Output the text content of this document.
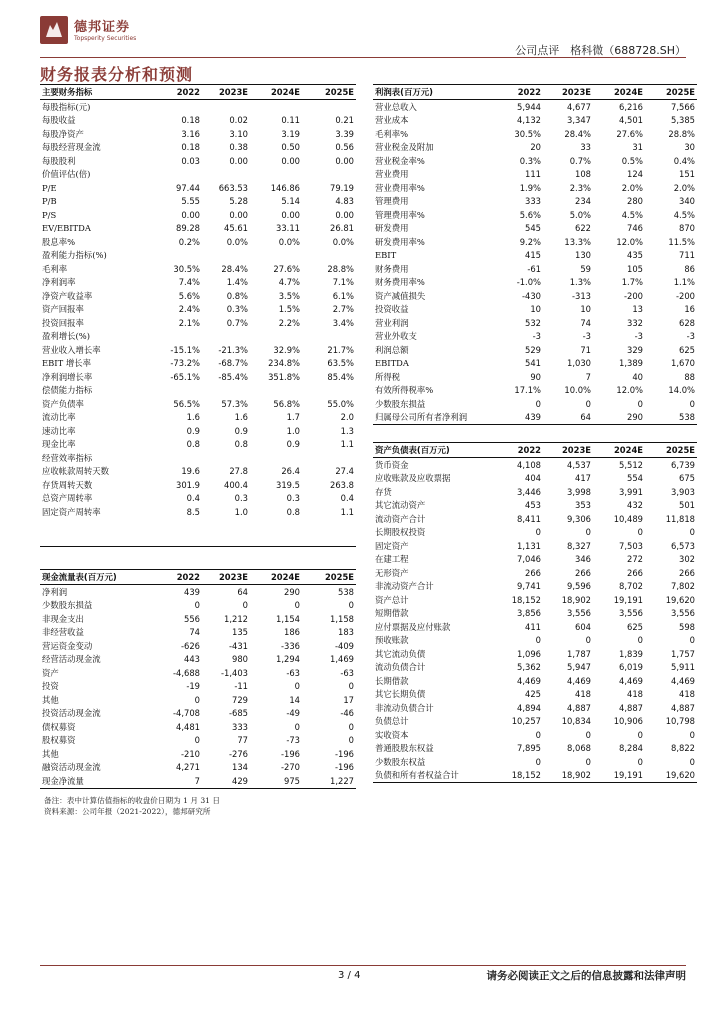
德邦证券
Topsperity Securities
公司点评　格科微（688728.SH）
财务报表分析和预测
主要财务指标	2022	2023E	2024E	2025E
每股指标(元)				
每股收益	0.18	0.02	0.11	0.21
每股净资产	3.16	3.10	3.19	3.39
每股经营现金流	0.18	0.38	0.50	0.56
每股股利	0.03	0.00	0.00	0.00
价值评估(倍)				
P/E	97.44	663.53	146.86	79.19
P/B	5.55	5.28	5.14	4.83
P/S	0.00	0.00	0.00	0.00
EV/EBITDA	89.28	45.61	33.11	26.81
股息率%	0.2%	0.0%	0.0%	0.0%
盈利能力指标(%)				
毛利率	30.5%	28.4%	27.6%	28.8%
净利润率	7.4%	1.4%	4.7%	7.1%
净资产收益率	5.6%	0.8%	3.5%	6.1%
资产回报率	2.4%	0.3%	1.5%	2.7%
投资回报率	2.1%	0.7%	2.2%	3.4%
盈利增长(%)				
营业收入增长率	-15.1%	-21.3%	32.9%	21.7%
EBIT 增长率	-73.2%	-68.7%	234.8%	63.5%
净利润增长率	-65.1%	-85.4%	351.8%	85.4%
偿债能力指标				
资产负债率	56.5%	57.3%	56.8%	55.0%
流动比率	1.6	1.6	1.7	2.0
速动比率	0.9	0.9	1.0	1.3
现金比率	0.8	0.8	0.9	1.1
经营效率指标				
应收帐款周转天数	19.6	27.8	26.4	27.4
存货周转天数	301.9	400.4	319.5	263.8
总资产周转率	0.4	0.3	0.3	0.4
固定资产周转率	8.5	1.0	0.8	1.1

现金流量表(百万元)	2022	2023E	2024E	2025E
净利润	439	64	290	538
少数股东损益	0	0	0	0
非现金支出	556	1,212	1,154	1,158
非经营收益	74	135	186	183
营运资金变动	-626	-431	-336	-409
经营活动现金流	443	980	1,294	1,469
资产	-4,688	-1,403	-63	-63
投资	-19	-11	0	0
其他	0	729	14	17
投资活动现金流	-4,708	-685	-49	-46
债权募资	4,481	333	0	0
股权募资	0	77	-73	0
其他	-210	-276	-196	-196
融资活动现金流	4,271	134	-270	-196
现金净流量	7	429	975	1,227
利润表(百万元)	2022	2023E	2024E	2025E
营业总收入	5,944	4,677	6,216	7,566
营业成本	4,132	3,347	4,501	5,385
毛利率%	30.5%	28.4%	27.6%	28.8%
营业税金及附加	20	33	31	30
营业税金率%	0.3%	0.7%	0.5%	0.4%
营业费用	111	108	124	151
营业费用率%	1.9%	2.3%	2.0%	2.0%
管理费用	333	234	280	340
管理费用率%	5.6%	5.0%	4.5%	4.5%
研发费用	545	622	746	870
研发费用率%	9.2%	13.3%	12.0%	11.5%
EBIT	415	130	435	711
财务费用	-61	59	105	86
财务费用率%	-1.0%	1.3%	1.7%	1.1%
资产减值损失	-430	-313	-200	-200
投资收益	10	10	13	16
营业利润	532	74	332	628
营业外收支	-3	-3	-3	-3
利润总额	529	71	329	625
EBITDA	541	1,030	1,389	1,670
所得税	90	7	40	88
有效所得税率%	17.1%	10.0%	12.0%	14.0%
少数股东损益	0	0	0	0
归属母公司所有者净利润	439	64	290	538
资产负债表(百万元)	2022	2023E	2024E	2025E
货币资金	4,108	4,537	5,512	6,739
应收账款及应收票据	404	417	554	675
存货	3,446	3,998	3,991	3,903
其它流动资产	453	353	432	501
流动资产合计	8,411	9,306	10,489	11,818
长期股权投资	0	0	0	0
固定资产	1,131	8,327	7,503	6,573
在建工程	7,046	346	272	302
无形资产	266	266	266	266
非流动资产合计	9,741	9,596	8,702	7,802
资产总计	18,152	18,902	19,191	19,620
短期借款	3,856	3,556	3,556	3,556
应付票据及应付账款	411	604	625	598
预收账款	0	0	0	0
其它流动负债	1,096	1,787	1,839	1,757
流动负债合计	5,362	5,947	6,019	5,911
长期借款	4,469	4,469	4,469	4,469
其它长期负债	425	418	418	418
非流动负债合计	4,894	4,887	4,887	4,887
负债总计	10,257	10,834	10,906	10,798
实收资本	0	0	0	0
普通股股东权益	7,895	8,068	8,284	8,822
少数股东权益	0	0	0	0
负债和所有者权益合计	18,152	18,902	19,191	19,620
备注：表中计算估值指标的收盘价日期为 1 月 31 日
资料来源：公司年报（2021-2022），德邦研究所
3 / 4	请务必阅读正文之后的信息披露和法律声明
